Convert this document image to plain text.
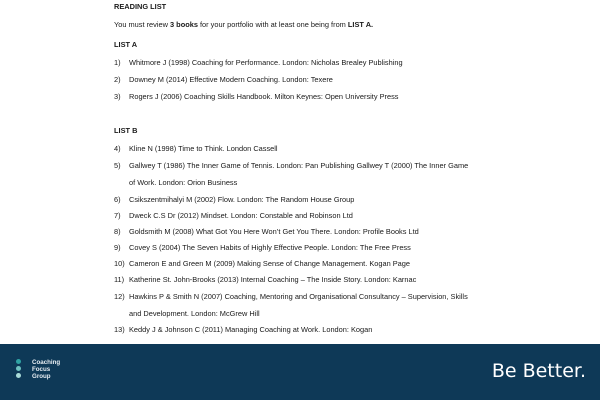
READING LIST
You must review 3 books for your portfolio with at least one being from LIST A.
LIST A
1)	Whitmore J (1998) Coaching for Performance. London: Nicholas Brealey Publishing
2)	Downey M (2014) Effective Modern Coaching. London: Texere
3)	Rogers J (2006) Coaching Skills Handbook. Milton Keynes: Open University Press
LIST B
4)	Kline N (1998) Time to Think. London Cassell
5)	Gallwey T (1986) The Inner Game of Tennis. London: Pan Publishing Gallwey T (2000) The Inner Game
of Work. London: Orion Business
6)	Csikszentmihalyi M (2002) Flow. London: The Random House Group
7)	Dweck C.S Dr (2012) Mindset. London: Constable and Robinson Ltd
8)	Goldsmith M (2008) What Got You Here Won’t Get You There. London: Profile Books Ltd
9)	Covey S (2004) The Seven Habits of Highly Effective People. London: The Free Press
10) Cameron E and Green M (2009) Making Sense of Change Management. Kogan Page
11) Katherine St. John-Brooks (2013) Internal Coaching – The Inside Story. London: Karnac
12) Hawkins P & Smith N (2007) Coaching, Mentoring and Organisational Consultancy – Supervision, Skills
and Development. London: McGrew Hill
13) Keddy J & Johnson C (2011) Managing Coaching at Work. London: Kogan
Coaching
Focus
Group	Be Better.
